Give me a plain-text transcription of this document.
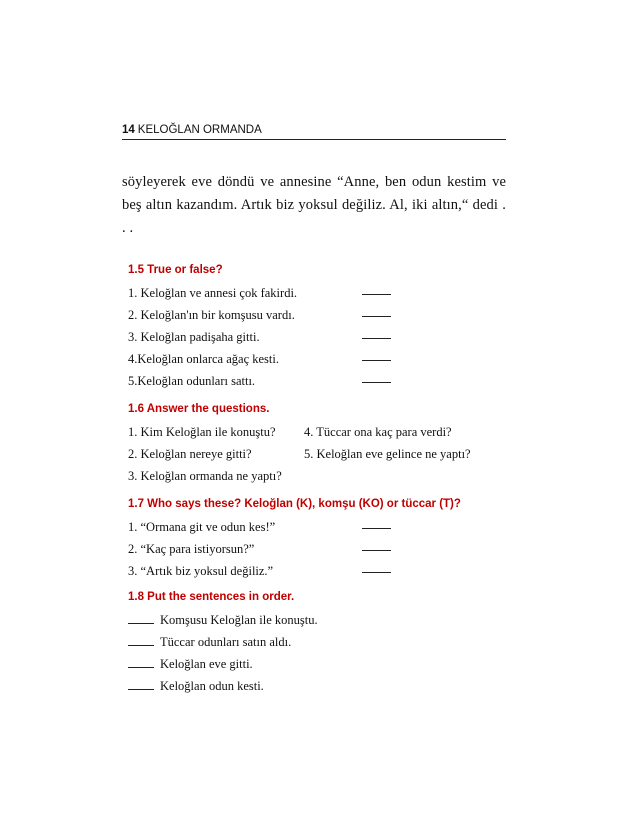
14 KELOĞLAN ORMANDA
söyleyerek eve döndü ve annesine “Anne, ben odun kestim ve beş altın kazandım. Artık biz yoksul değiliz. Al, iki altın,“ dedi . . .
1.5 True or false?
1. Keloğlan ve annesi çok fakirdi.
2. Keloğlan'ın bir komşusu vardı.
3. Keloğlan padişaha gitti.
4.Keloğlan onlarca ağaç kesti.
5.Keloğlan odunları sattı.
1.6 Answer the questions.
1. Kim Keloğlan ile konuştu? 4. Tüccar ona kaç para verdi?
2. Keloğlan nereye gitti?	5. Keloğlan eve gelince ne yaptı?
3. Keloğlan ormanda ne yaptı?
1.7 Who says these? Keloğlan (K), komşu (KO) or tüccar (T)?
1. “Ormana git ve odun kes!”
2. “Kaç para istiyorsun?”
3. “Artık biz yoksul değiliz.”
1.8 Put the sentences in order.
Komşusu Keloğlan ile konuştu.
Tüccar odunları satın aldı.
Keloğlan eve gitti.
Keloğlan odun kesti.
